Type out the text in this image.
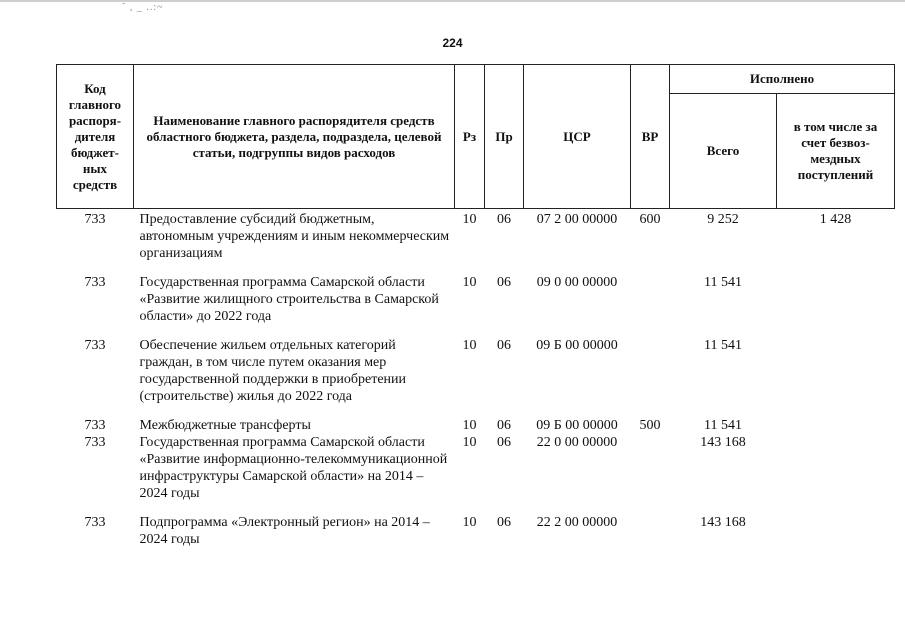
˜ , _ ..:~
224
Код главного распоря-дителя бюджет-ных средств	Наименование главного распорядителя средств областного бюджета, раздела, подраздела, целевой статьи, подгруппы видов расходов	Рз	Пр	ЦСР	ВР	Исполнено	
						Всего	в том числе за счет безвоз-мездных поступлений
733	Предоставление субсидий бюджетным, автономным учреждениям и иным некоммерческим организациям	10	06	07 2 00 00000	600	9 252	1 428
733	Государственная программа Самарской области «Развитие жилищного строительства в Самарской области» до 2022 года	10	06	09 0 00 00000		11 541	
733	Обеспечение жильем отдельных категорий граждан, в том числе путем оказания мер государственной поддержки в приобретении (строительстве) жилья до 2022 года	10	06	09 Б 00 00000		11 541	
733	Межбюджетные трансферты	10	06	09 Б 00 00000	500	11 541	
733	Государственная программа Самарской области «Развитие информационно-телекоммуникационной инфраструктуры Самарской области» на 2014 – 2024 годы	10	06	22 0 00 00000		143 168	
733	Подпрограмма «Электронный регион» на 2014 – 2024 годы	10	06	22 2 00 00000		143 168	
